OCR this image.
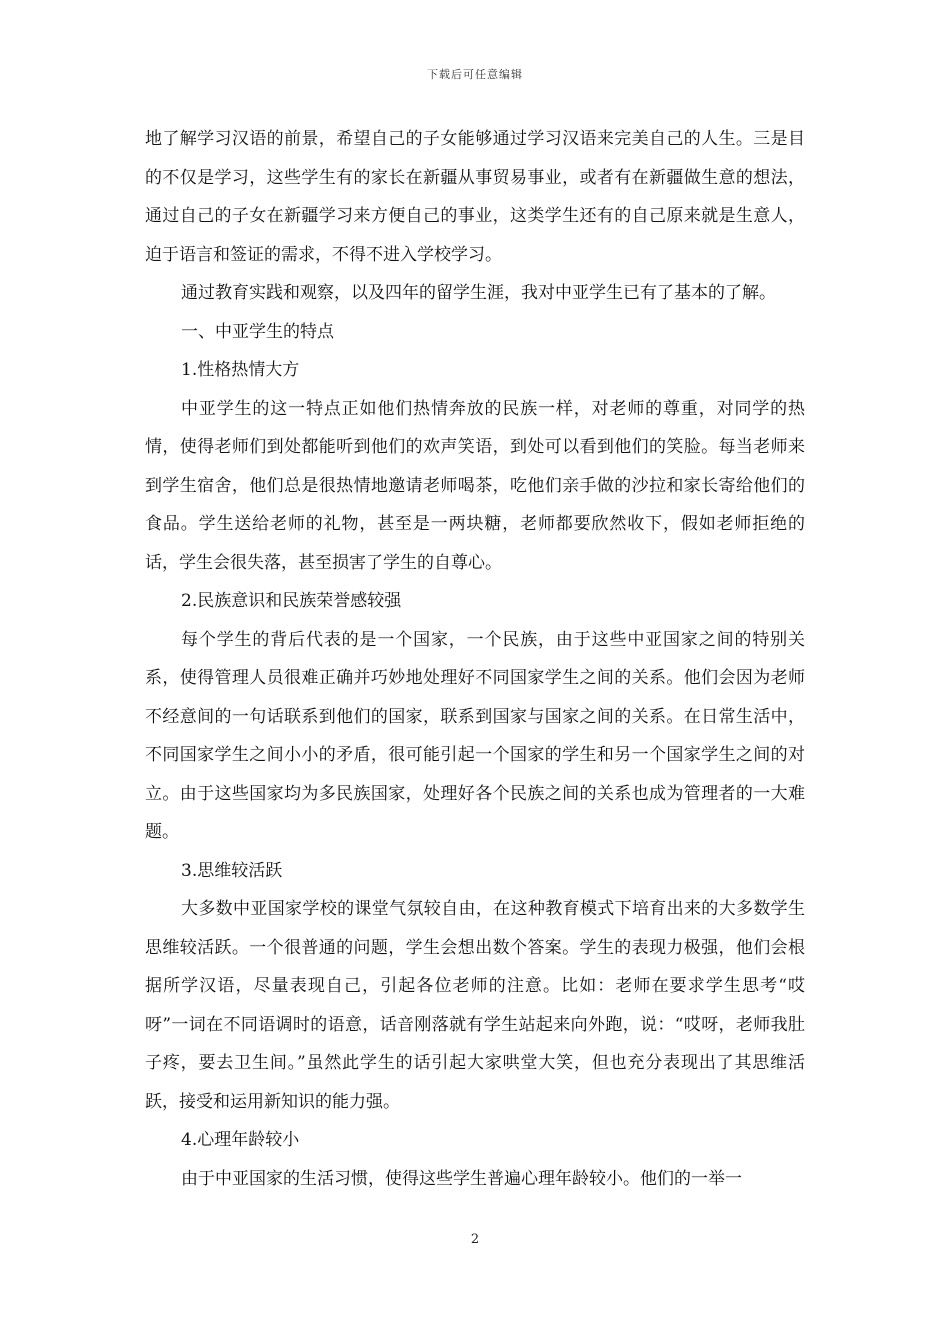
下载后可任意编辑

地了解学习汉语的前景，希望自己的子女能够通过学习汉语来完美自己的人生。三是目的不仅是学习，这些学生有的家长在新疆从事贸易事业，或者有在新疆做生意的想法，通过自己的子女在新疆学习来方便自己的事业，这类学生还有的自己原来就是生意人，迫于语言和签证的需求，不得不进入学校学习。

通过教育实践和观察，以及四年的留学生涯，我对中亚学生已有了基本的了解。

一、中亚学生的特点

1.性格热情大方

中亚学生的这一特点正如他们热情奔放的民族一样，对老师的尊重，对同学的热情，使得老师们到处都能听到他们的欢声笑语，到处可以看到他们的笑脸。每当老师来到学生宿舍，他们总是很热情地邀请老师喝茶，吃他们亲手做的沙拉和家长寄给他们的食品。学生送给老师的礼物，甚至是一两块糖，老师都要欣然收下，假如老师拒绝的话，学生会很失落，甚至损害了学生的自尊心。

2.民族意识和民族荣誉感较强

每个学生的背后代表的是一个国家，一个民族，由于这些中亚国家之间的特别关系，使得管理人员很难正确并巧妙地处理好不同国家学生之间的关系。他们会因为老师不经意间的一句话联系到他们的国家，联系到国家与国家之间的关系。在日常生活中，不同国家学生之间小小的矛盾，很可能引起一个国家的学生和另一个国家学生之间的对立。由于这些国家均为多民族国家，处理好各个民族之间的关系也成为管理者的一大难题。

3.思维较活跃

大多数中亚国家学校的课堂气氛较自由，在这种教育模式下培育出来的大多数学生思维较活跃。一个很普通的问题，学生会想出数个答案。学生的表现力极强，他们会根据所学汉语，尽量表现自己，引起各位老师的注意。比如：老师在要求学生思考“哎呀”一词在不同语调时的语意，话音刚落就有学生站起来向外跑，说：“哎呀，老师我肚子疼，要去卫生间。”虽然此学生的话引起大家哄堂大笑，但也充分表现出了其思维活跃，接受和运用新知识的能力强。

4.心理年龄较小

由于中亚国家的生活习惯，使得这些学生普遍心理年龄较小。他们的一举一

2
